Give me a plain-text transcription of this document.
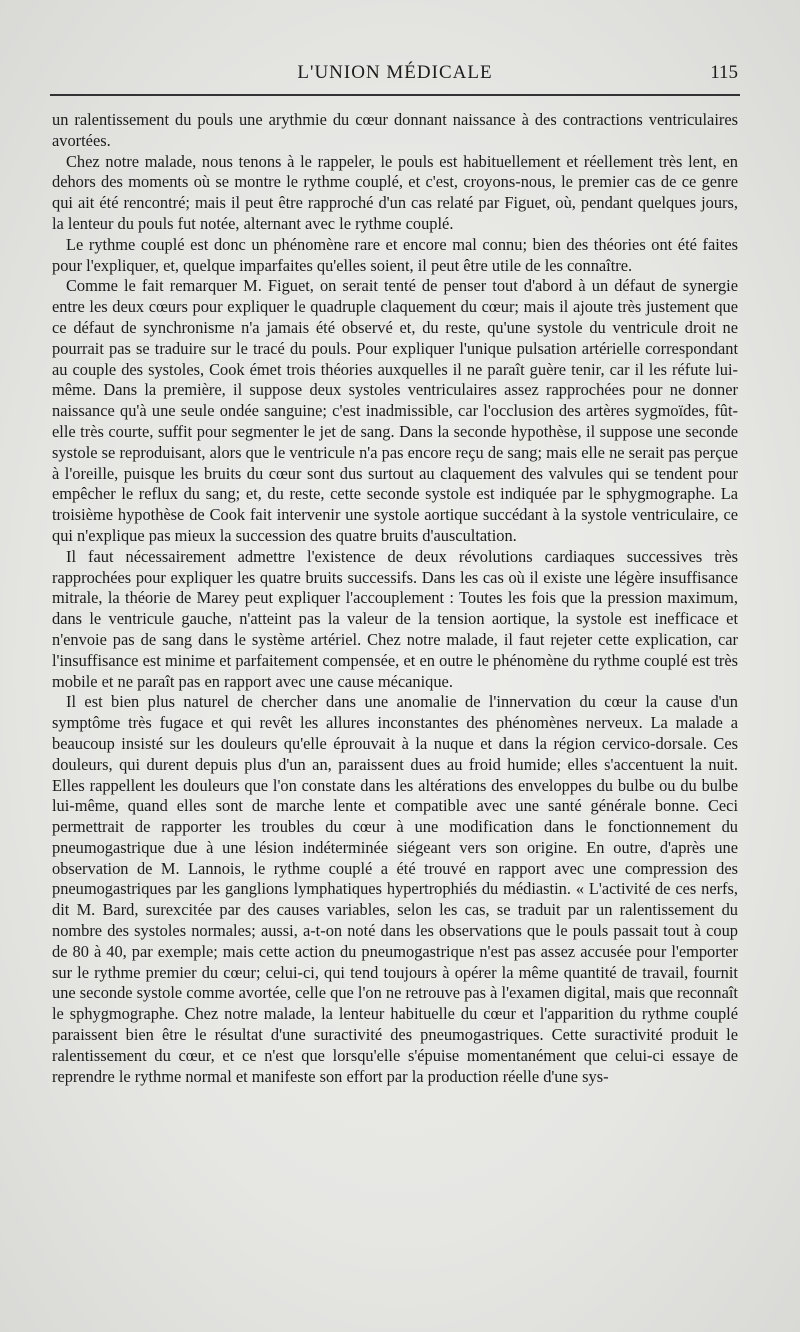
L'UNION MÉDICALE	115

un ralentissement du pouls une arythmie du cœur donnant naissance à des contractions ventriculaires avortées.

Chez notre malade, nous tenons à le rappeler, le pouls est habituellement et réellement très lent, en dehors des moments où se montre le rythme couplé, et c'est, croyons-nous, le premier cas de ce genre qui ait été rencontré; mais il peut être rapproché d'un cas relaté par Figuet, où, pendant quelques jours, la lenteur du pouls fut notée, alternant avec le rythme couplé.

Le rythme couplé est donc un phénomène rare et encore mal connu; bien des théories ont été faites pour l'expliquer, et, quelque imparfaites qu'elles soient, il peut être utile de les connaître.

Comme le fait remarquer M. Figuet, on serait tenté de penser tout d'abord à un défaut de synergie entre les deux cœurs pour expliquer le quadruple claquement du cœur; mais il ajoute très justement que ce défaut de synchronisme n'a jamais été observé et, du reste, qu'une systole du ventricule droit ne pourrait pas se traduire sur le tracé du pouls. Pour expliquer l'unique pulsation artérielle correspondant au couple des systoles, Cook émet trois théories auxquelles il ne paraît guère tenir, car il les réfute lui-même. Dans la première, il suppose deux systoles ventriculaires assez rapprochées pour ne donner naissance qu'à une seule ondée sanguine; c'est inadmissible, car l'occlusion des artères sygmoïdes, fût-elle très courte, suffit pour segmenter le jet de sang. Dans la seconde hypothèse, il suppose une seconde systole se reproduisant, alors que le ventricule n'a pas encore reçu de sang; mais elle ne serait pas perçue à l'oreille, puisque les bruits du cœur sont dus surtout au claquement des valvules qui se tendent pour empêcher le reflux du sang; et, du reste, cette seconde systole est indiquée par le sphygmographe. La troisième hypothèse de Cook fait intervenir une systole aortique succédant à la systole ventriculaire, ce qui n'explique pas mieux la succession des quatre bruits d'auscultation.

Il faut nécessairement admettre l'existence de deux révolutions cardiaques successives très rapprochées pour expliquer les quatre bruits successifs. Dans les cas où il existe une légère insuffisance mitrale, la théorie de Marey peut expliquer l'accouplement : Toutes les fois que la pression maximum, dans le ventricule gauche, n'atteint pas la valeur de la tension aortique, la systole est inefficace et n'envoie pas de sang dans le système artériel. Chez notre malade, il faut rejeter cette explication, car l'insuffisance est minime et parfaitement compensée, et en outre le phénomène du rythme couplé est très mobile et ne paraît pas en rapport avec une cause mécanique.

Il est bien plus naturel de chercher dans une anomalie de l'innervation du cœur la cause d'un symptôme très fugace et qui revêt les allures inconstantes des phénomènes nerveux. La malade a beaucoup insisté sur les douleurs qu'elle éprouvait à la nuque et dans la région cervico-dorsale. Ces douleurs, qui durent depuis plus d'un an, paraissent dues au froid humide; elles s'accentuent la nuit. Elles rappellent les douleurs que l'on constate dans les altérations des enveloppes du bulbe ou du bulbe lui-même, quand elles sont de marche lente et compatible avec une santé générale bonne. Ceci permettrait de rapporter les troubles du cœur à une modification dans le fonctionnement du pneumogastrique due à une lésion indéterminée siégeant vers son origine. En outre, d'après une observation de M. Lannois, le rythme couplé a été trouvé en rapport avec une compression des pneumogastriques par les ganglions lymphatiques hypertrophiés du médiastin. « L'activité de ces nerfs, dit M. Bard, surexcitée par des causes variables, selon les cas, se traduit par un ralentissement du nombre des systoles normales; aussi, a-t-on noté dans les observations que le pouls passait tout à coup de 80 à 40, par exemple; mais cette action du pneumogastrique n'est pas assez accusée pour l'emporter sur le rythme premier du cœur; celui-ci, qui tend toujours à opérer la même quantité de travail, fournit une seconde systole comme avortée, celle que l'on ne retrouve pas à l'examen digital, mais que reconnaît le sphygmographe. Chez notre malade, la lenteur habituelle du cœur et l'apparition du rythme couplé paraissent bien être le résultat d'une suractivité des pneumogastriques. Cette suractivité produit le ralentissement du cœur, et ce n'est que lorsqu'elle s'épuise momentanément que celui-ci essaye de reprendre le rythme normal et manifeste son effort par la production réelle d'une sys-
